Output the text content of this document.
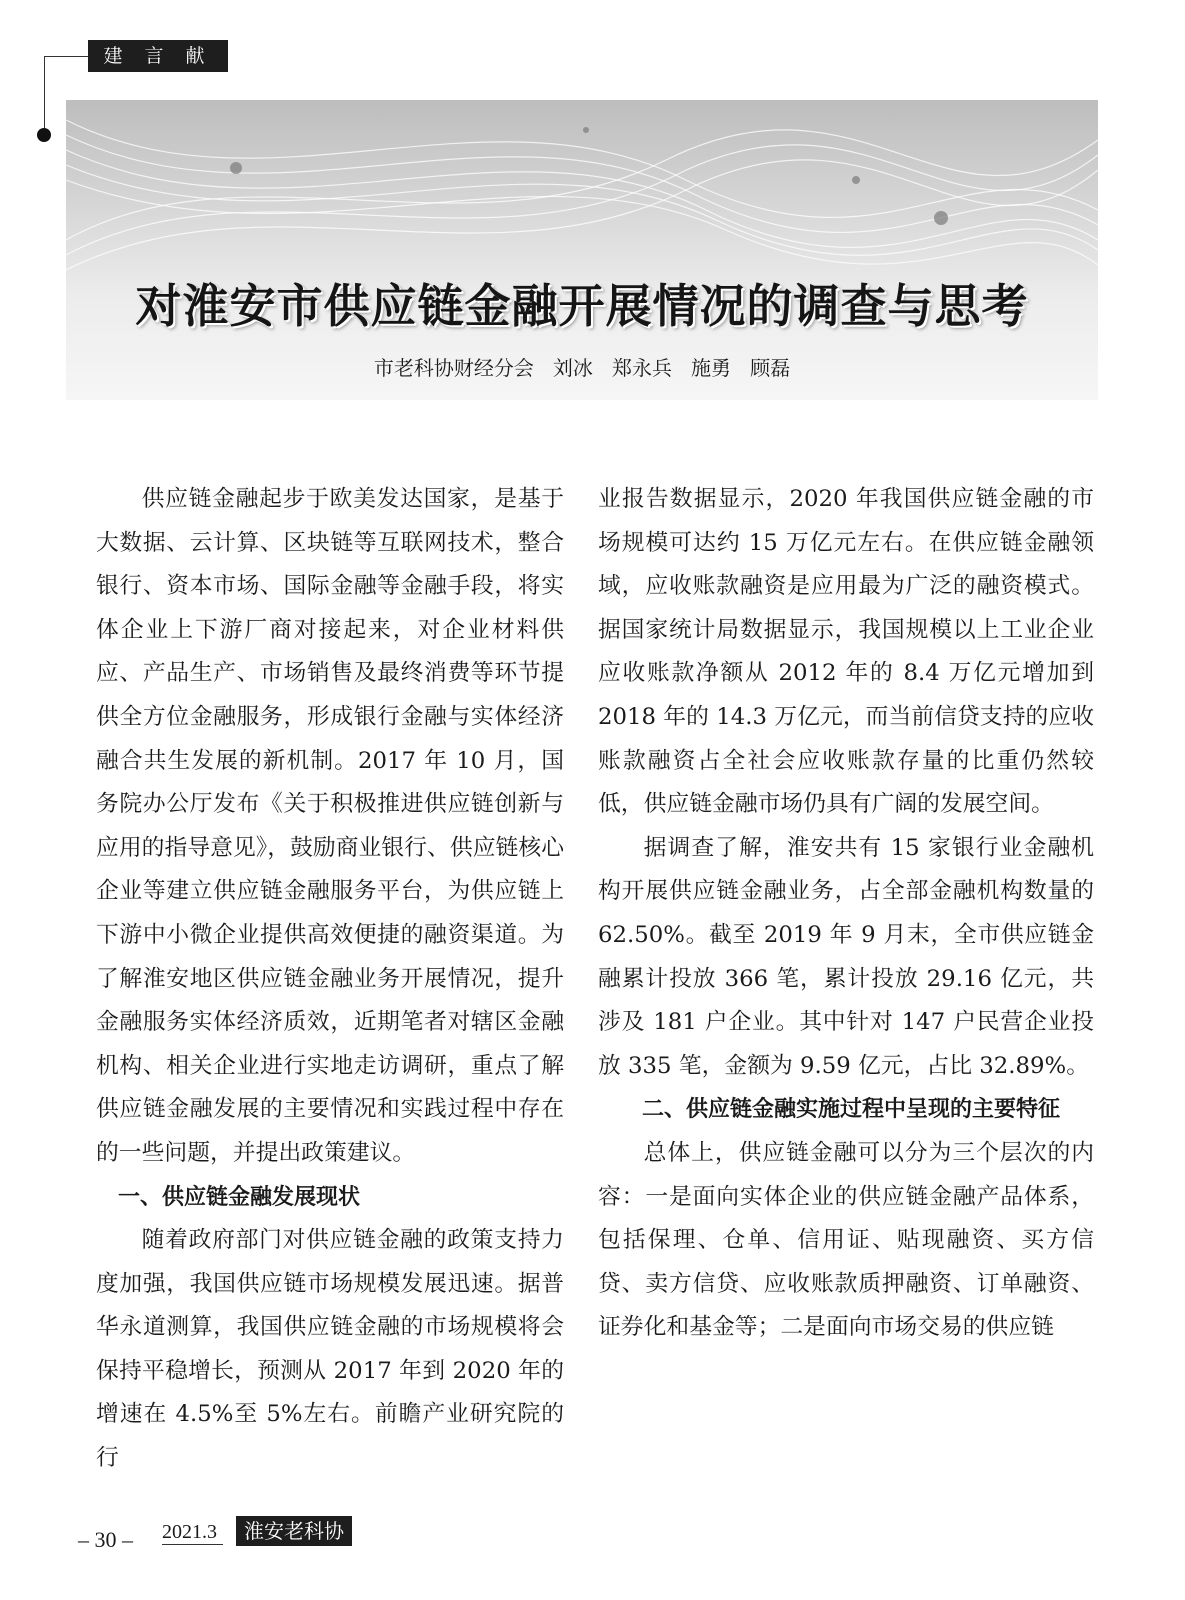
建 言 献 策
对淮安市供应链金融开展情况的调查与思考
市老科协财经分会   刘冰   郑永兵   施勇   顾磊

供应链金融起步于欧美发达国家，是基于大数据、云计算、区块链等互联网技术，整合银行、资本市场、国际金融等金融手段，将实体企业上下游厂商对接起来，对企业材料供应、产品生产、市场销售及最终消费等环节提供全方位金融服务，形成银行金融与实体经济融合共生发展的新机制。2017 年 10 月，国务院办公厅发布《关于积极推进供应链创新与应用的指导意见》，鼓励商业银行、供应链核心企业等建立供应链金融服务平台，为供应链上下游中小微企业提供高效便捷的融资渠道。为了解淮安地区供应链金融业务开展情况，提升金融服务实体经济质效，近期笔者对辖区金融机构、相关企业进行实地走访调研，重点了解供应链金融发展的主要情况和实践过程中存在的一些问题，并提出政策建议。

一、供应链金融发展现状

随着政府部门对供应链金融的政策支持力度加强，我国供应链市场规模发展迅速。据普华永道测算，我国供应链金融的市场规模将会保持平稳增长，预测从 2017 年到 2020 年的增速在 4.5%至 5%左右。前瞻产业研究院的行

业报告数据显示，2020 年我国供应链金融的市场规模可达约 15 万亿元左右。在供应链金融领域，应收账款融资是应用最为广泛的融资模式。据国家统计局数据显示，我国规模以上工业企业应收账款净额从 2012 年的 8.4 万亿元增加到 2018 年的 14.3 万亿元，而当前信贷支持的应收账款融资占全社会应收账款存量的比重仍然较低，供应链金融市场仍具有广阔的发展空间。

据调查了解，淮安共有 15 家银行业金融机构开展供应链金融业务，占全部金融机构数量的 62.50%。截至 2019 年 9 月末，全市供应链金融累计投放 366 笔，累计投放 29.16 亿元，共涉及 181 户企业。其中针对 147 户民营企业投放 335 笔，金额为 9.59 亿元，占比 32.89%。

二、供应链金融实施过程中呈现的主要特征

总体上，供应链金融可以分为三个层次的内容：一是面向实体企业的供应链金融产品体系，包括保理、仓单、信用证、贴现融资、买方信贷、卖方信贷、应收账款质押融资、订单融资、证券化和基金等；二是面向市场交易的供应链

– 30 – 2021.3	淮安老科协
